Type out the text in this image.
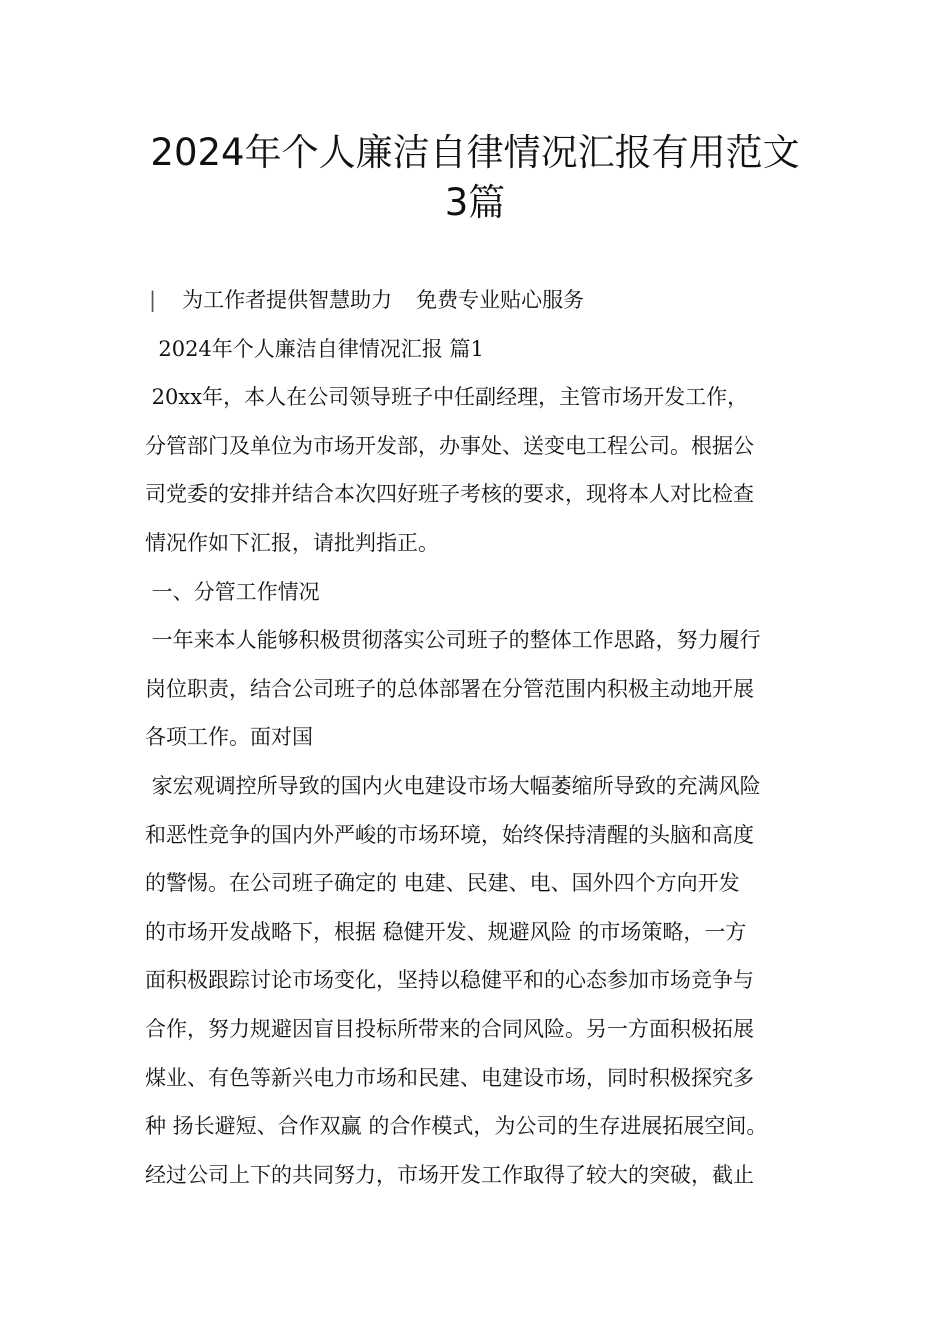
2024年个人廉洁自律情况汇报有用范文
3篇

| 为工作者提供智慧助力 免费专业贴心服务

2024年个人廉洁自律情况汇报 篇1

20xx年，本人在公司领导班子中任副经理，主管市场开发工作，

分管部门及单位为市场开发部，办事处、送变电工程公司。根据公

司党委的安排并结合本次四好班子考核的要求，现将本人对比检查

情况作如下汇报，请批判指正。

一、分管工作情况

一年来本人能够积极贯彻落实公司班子的整体工作思路，努力履行

岗位职责，结合公司班子的总体部署在分管范围内积极主动地开展

各项工作。面对国

家宏观调控所导致的国内火电建设市场大幅萎缩所导致的充满风险

和恶性竞争的国内外严峻的市场环境，始终保持清醒的头脑和高度

的警惕。在公司班子确定的 电建、民建、电、国外四个方向开发

的市场开发战略下，根据 稳健开发、规避风险 的市场策略，一方

面积极跟踪讨论市场变化，坚持以稳健平和的心态参加市场竞争与

合作，努力规避因盲目投标所带来的合同风险。另一方面积极拓展

煤业、有色等新兴电力市场和民建、电建设市场，同时积极探究多

种 扬长避短、合作双赢 的合作模式，为公司的生存进展拓展空间。

经过公司上下的共同努力，市场开发工作取得了较大的突破，截止
